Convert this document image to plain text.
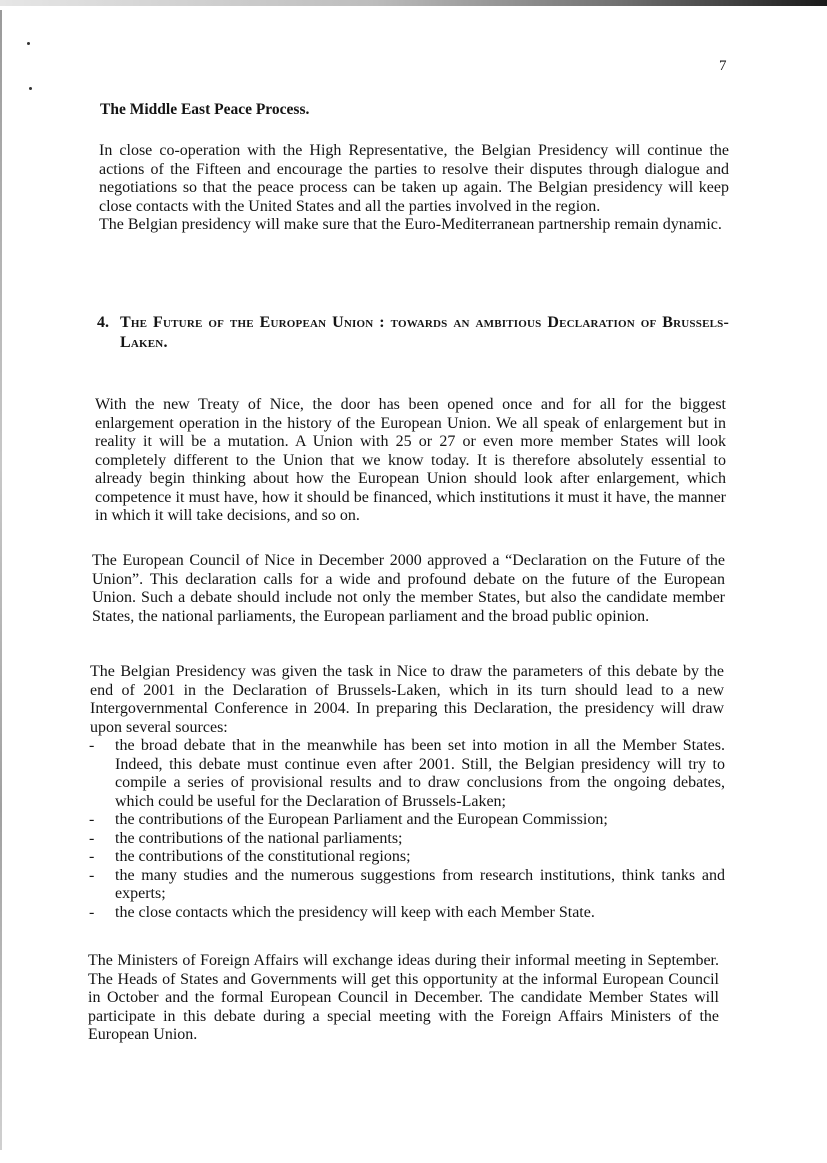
7

The Middle East Peace Process.

In close co-operation with the High Representative, the Belgian Presidency will continue the actions of the Fifteen and encourage the parties to resolve their disputes through dialogue and negotiations so that the peace process can be taken up again. The Belgian presidency will keep close contacts with the United States and all the parties involved in the region.

The Belgian presidency will make sure that the Euro-Mediterranean partnership remain dynamic.

4. The Future of the European Union : towards an ambitious Declaration of Brussels-Laken.

With the new Treaty of Nice, the door has been opened once and for all for the biggest enlargement operation in the history of the European Union. We all speak of enlargement but in reality it will be a mutation. A Union with 25 or 27 or even more member States will look completely different to the Union that we know today. It is therefore absolutely essential to already begin thinking about how the European Union should look after enlargement, which competence it must have, how it should be financed, which institutions it must it have, the manner in which it will take decisions, and so on.

The European Council of Nice in December 2000 approved a “Declaration on the Future of the Union”. This declaration calls for a wide and profound debate on the future of the European Union. Such a debate should include not only the member States, but also the candidate member States, the national parliaments, the European parliament and the broad public opinion.

The Belgian Presidency was given the task in Nice to draw the parameters of this debate by the end of 2001 in the Declaration of Brussels-Laken, which in its turn should lead to a new Intergovernmental Conference in 2004. In preparing this Declaration, the presidency will draw upon several sources:

- the broad debate that in the meanwhile has been set into motion in all the Member States. Indeed, this debate must continue even after 2001. Still, the Belgian presidency will try to compile a series of provisional results and to draw conclusions from the ongoing debates, which could be useful for the Declaration of Brussels-Laken;
- the contributions of the European Parliament and the European Commission;
- the contributions of the national parliaments;
- the contributions of the constitutional regions;
- the many studies and the numerous suggestions from research institutions, think tanks and experts;
- the close contacts which the presidency will keep with each Member State.

The Ministers of Foreign Affairs will exchange ideas during their informal meeting in September. The Heads of States and Governments will get this opportunity at the informal European Council in October and the formal European Council in December. The candidate Member States will participate in this debate during a special meeting with the Foreign Affairs Ministers of the European Union.
